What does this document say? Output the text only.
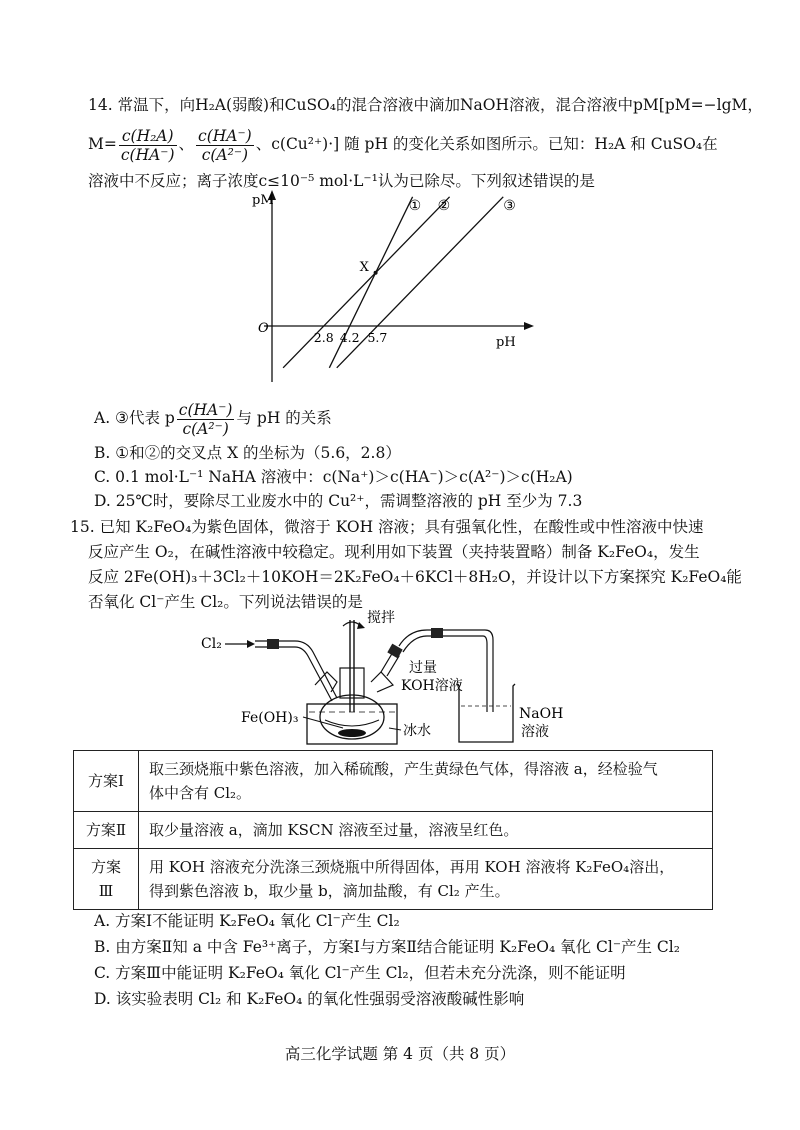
14. 常温下，向H₂A(弱酸)和CuSO₄的混合溶液中滴加NaOH溶液，混合溶液中pM[pM=−lgM，
$M= \frac{\text{c(H₂A)}}{c(HA^-)}$ 、 $\frac{c(HA^-)}{\text{c(A²⁻)}}$ 、c(Cu²⁺)·] 随 pH 的变化关系如图所示。已知：H₂A 和 CuSO₄在
溶液中不反应；离子浓度c≤10⁻⁵ mol·L⁻¹认为已除尽。下列叙述错误的是
pM
pH
O
① ②	③
2.8 4.2 5.7
X
A. ③代表 p $\frac{c(HA^-)}{\text{c(A²⁻)}}$ 与 pH 的关系
B. ①和②的交叉点 X 的坐标为（5.6，2.8）
C. 0.1 mol·L⁻¹ NaHA 溶液中：c(Na⁺)＞c(HA⁻)＞c(A²⁻)＞c(H₂A)
D. 25℃时，要除尽工业废水中的 Cu²⁺，需调整溶液的 pH 至少为 7.3
15. 已知 K₂FeO₄为紫色固体，微溶于 KOH 溶液；具有强氧化性，在酸性或中性溶液中快速
反应产生 O₂，在碱性溶液中较稳定。现利用如下装置（夹持装置略）制备 K₂FeO₄，发生
反应 2Fe(OH)₃＋3Cl₂＋10KOH＝2K₂FeO₄＋6KCl＋8H₂O，并设计以下方案探究 K₂FeO₄能
否氧化 Cl⁻产生 Cl₂。下列说法错误的是
Cl₂
搅拌
过量
KOH溶液
Fe(OH)₃
冰水
NaOH
溶液
方案Ⅰ	取三颈烧瓶中紫色溶液，加入稀硫酸，产生黄绿色气体，得溶液 a，经检验气
体中含有 Cl₂。
方案Ⅱ	取少量溶液 a，滴加 KSCN 溶液至过量，溶液呈红色。
方案Ⅲ	用 KOH 溶液充分洗涤三颈烧瓶中所得固体，再用 KOH 溶液将 K₂FeO₄溶出，
得到紫色溶液 b，取少量 b，滴加盐酸，有 Cl₂ 产生。
A. 方案Ⅰ不能证明 K₂FeO₄ 氧化 Cl⁻产生 Cl₂
B. 由方案Ⅱ知 a 中含 Fe³⁺离子，方案Ⅰ与方案Ⅱ结合能证明 K₂FeO₄ 氧化 Cl⁻产生 Cl₂
C. 方案Ⅲ中能证明 K₂FeO₄ 氧化 Cl⁻产生 Cl₂，但若未充分洗涤，则不能证明
D. 该实验表明 Cl₂ 和 K₂FeO₄ 的氧化性强弱受溶液酸碱性影响
高三化学试题 第 4 页（共 8 页）
